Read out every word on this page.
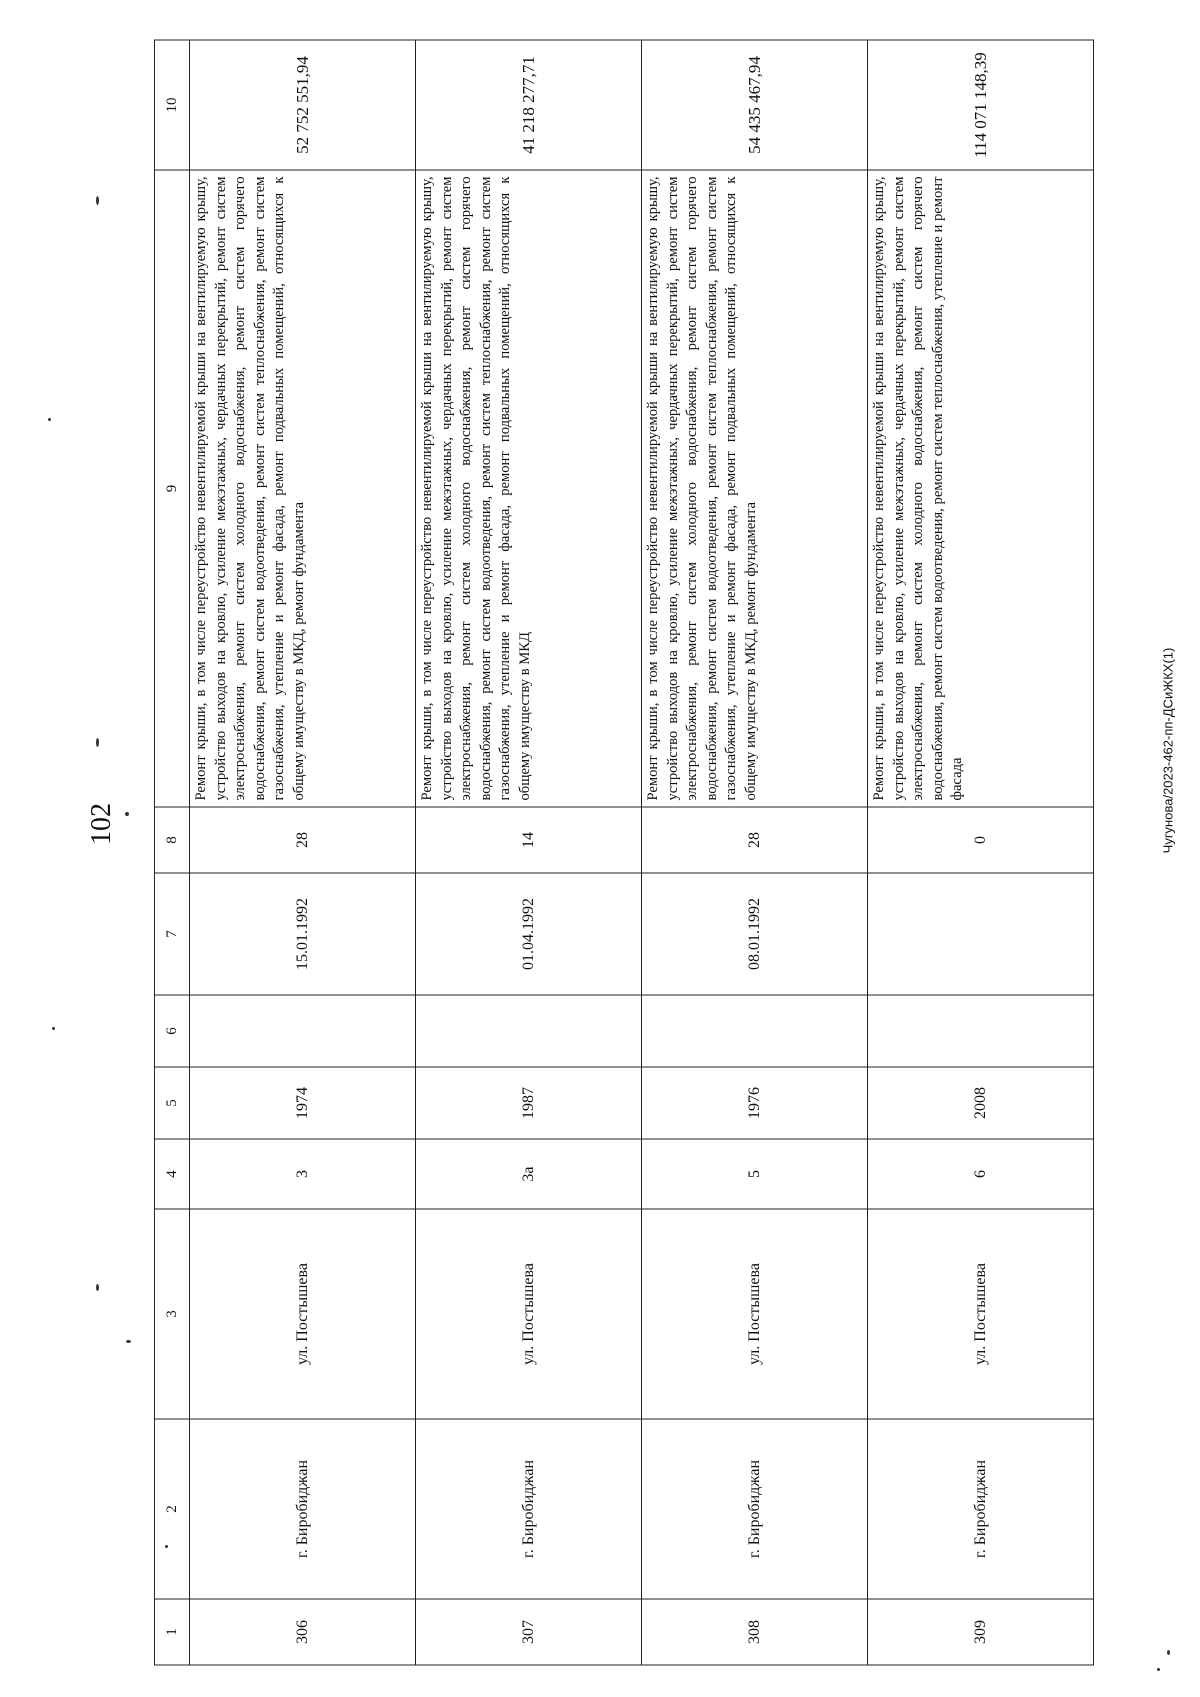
102	Чугунова/2023-462-пп-ДСиЖКХ(1)
1	2	3	4	5	6	7	8	9	10
306	г. Биробиджан	ул. Постышева	3	1974		15.01.1992	28	Ремонт крыши, в том числе переустройство невентилируемой крыши на вентилируемую крышу, устройство выходов на кровлю, усиление межэтажных, чердачных перекрытий, ремонт систем электроснабжения, ремонт систем холодного водоснабжения, ремонт систем горячего водоснабжения, ремонт систем водоотведения, ремонт систем теплоснабжения, ремонт систем газоснабжения, утепление и ремонт фасада, ремонт подвальных помещений, относящихся к общему имуществу в МКД, ремонт фундамента	52 752 551,94
307	г. Биробиджан	ул. Постышева	3а	1987		01.04.1992	14	Ремонт крыши, в том числе переустройство невентилируемой крыши на вентилируемую крышу, устройство выходов на кровлю, усиление межэтажных, чердачных перекрытий, ремонт систем электроснабжения, ремонт систем холодного водоснабжения, ремонт систем горячего водоснабжения, ремонт систем водоотведения, ремонт систем теплоснабжения, ремонт систем газоснабжения, утепление и ремонт фасада, ремонт подвальных помещений, относящихся к общему имуществу в МКД	41 218 277,71
308	г. Биробиджан	ул. Постышева	5	1976		08.01.1992	28	Ремонт крыши, в том числе переустройство невентилируемой крыши на вентилируемую крышу, устройство выходов на кровлю, усиление межэтажных, чердачных перекрытий, ремонт систем электроснабжения, ремонт систем холодного водоснабжения, ремонт систем горячего водоснабжения, ремонт систем водоотведения, ремонт систем теплоснабжения, ремонт систем газоснабжения, утепление и ремонт фасада, ремонт подвальных помещений, относящихся к общему имуществу в МКД, ремонт фундамента	54 435 467,94
309	г. Биробиджан	ул. Постышева	6	2008			0	Ремонт крыши, в том числе переустройство невентилируемой крыши на вентилируемую крышу, устройство выходов на кровлю, усиление межэтажных, чердачных перекрытий, ремонт систем электроснабжения, ремонт систем холодного водоснабжения, ремонт систем горячего водоснабжения, ремонт систем водоотведения, ремонт систем теплоснабжения, утепление и ремонт фасада	114 071 148,39
